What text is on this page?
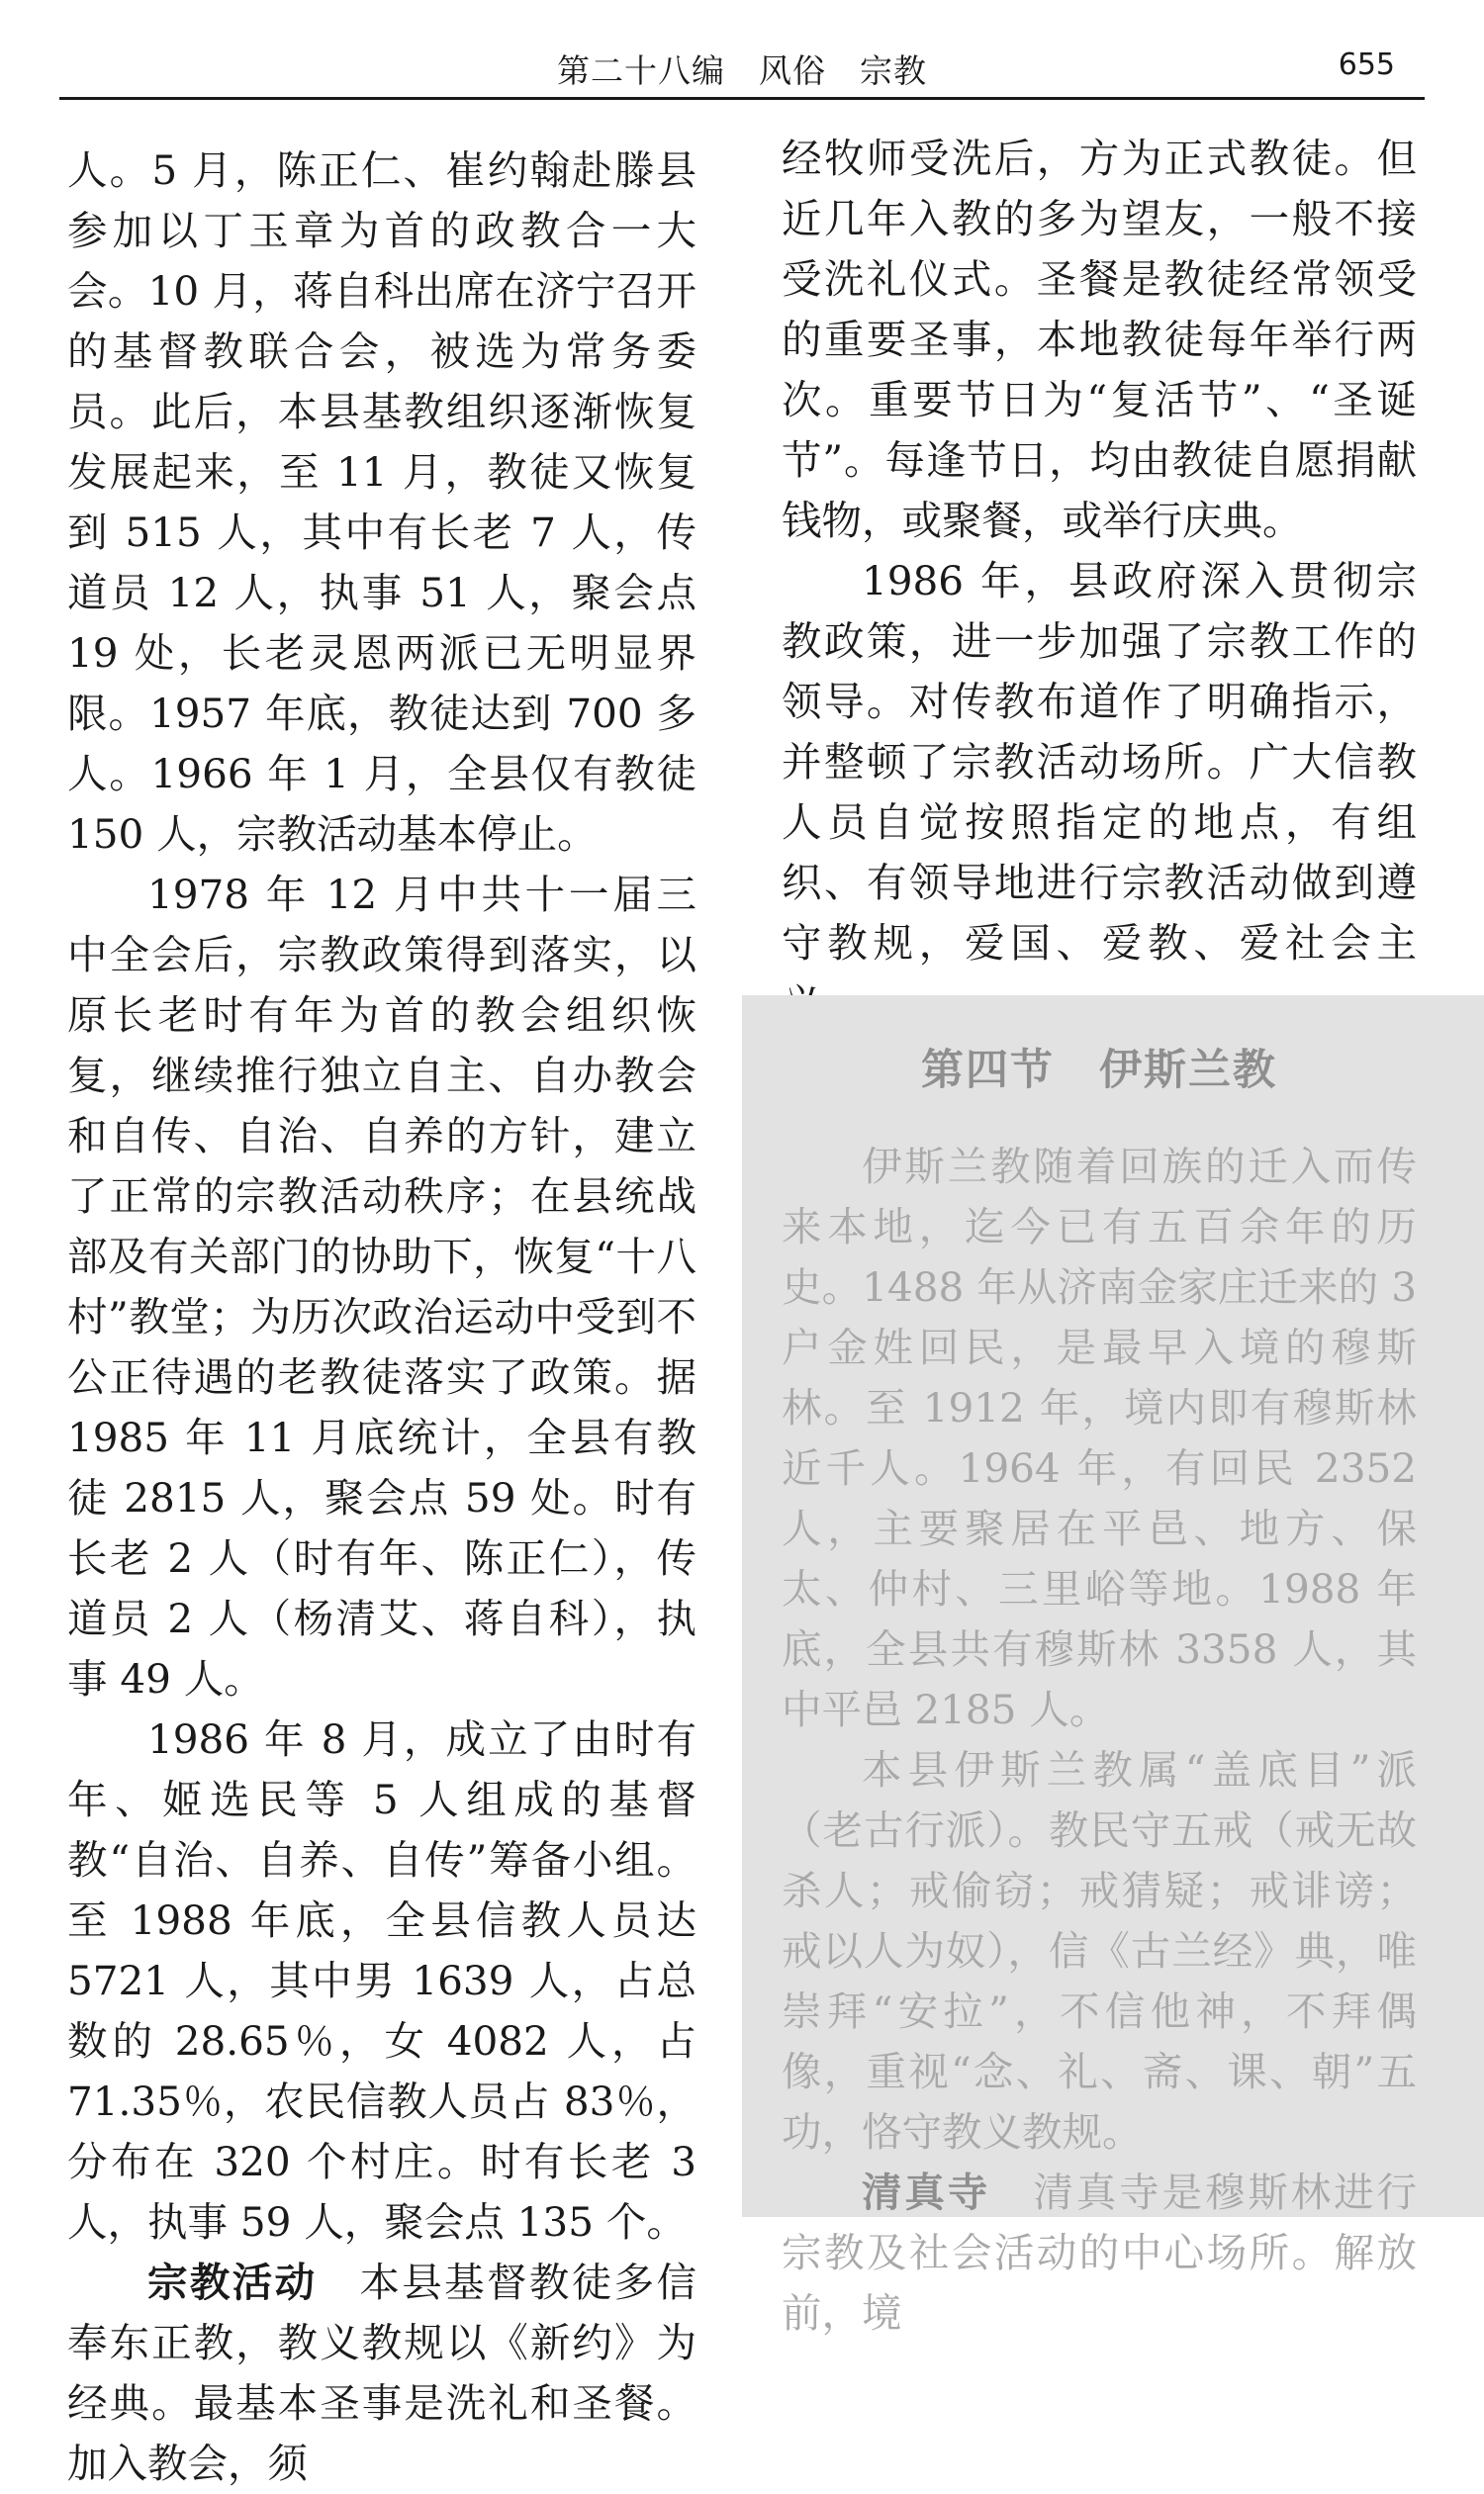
第二十八编　风俗　宗教	655

人。5 月，陈正仁、崔约翰赴滕县参加以丁玉章为首的政教合一大会。10 月，蒋自科出席在济宁召开的基督教联合会，被选为常务委员。此后，本县基教组织逐渐恢复发展起来，至 11 月，教徒又恢复到 515 人，其中有长老 7 人，传道员 12 人，执事 51 人，聚会点 19 处，长老灵恩两派已无明显界限。1957 年底，教徒达到 700 多人。1966 年 1 月，全县仅有教徒 150 人，宗教活动基本停止。

1978 年 12 月中共十一届三中全会后，宗教政策得到落实，以原长老时有年为首的教会组织恢复，继续推行独立自主、自办教会和自传、自治、自养的方针，建立了正常的宗教活动秩序；在县统战部及有关部门的协助下，恢复“十八村”教堂；为历次政治运动中受到不公正待遇的老教徒落实了政策。据 1985 年 11 月底统计，全县有教徒 2815 人，聚会点 59 处。时有长老 2 人（时有年、陈正仁），传道员 2 人（杨清艾、蒋自科），执事 49 人。

1986 年 8 月，成立了由时有年、姬选民等 5 人组成的基督教“自治、自养、自传”筹备小组。至 1988 年底，全县信教人员达 5721 人，其中男 1639 人，占总数的 28.65％，女 4082 人，占 71.35％，农民信教人员占 83％，分布在 320 个村庄。时有长老 3 人，执事 59 人，聚会点 135 个。

宗教活动　本县基督教徒多信奉东正教，教义教规以《新约》为经典。最基本圣事是洗礼和圣餐。加入教会，须

经牧师受洗后，方为正式教徒。但近几年入教的多为望友，一般不接受洗礼仪式。圣餐是教徒经常领受的重要圣事，本地教徒每年举行两次。重要节日为“复活节”、“圣诞节”。每逢节日，均由教徒自愿捐献钱物，或聚餐，或举行庆典。

1986 年，县政府深入贯彻宗教政策，进一步加强了宗教工作的领导。对传教布道作了明确指示，并整顿了宗教活动场所。广大信教人员自觉按照指定的地点，有组织、有领导地进行宗教活动做到遵守教规，爱国、爱教、爱社会主

第四节　伊斯兰教

伊斯兰教随着回族的迁入而传来本地，迄今已有五百余年的历史。1488 年从济南金家庄迁来的 3 户金姓回民，是最早入境的穆斯林。至 1912 年，境内即有穆斯林近千人。1964 年，有回民 2352 人，主要聚居在平邑、地方、保太、仲村、三里峪等地。1988 年底，全县共有穆斯林 3358 人，其中平邑 2185 人。

本县伊斯兰教属“盖底目”派（老古行派）。教民守五戒（戒无故杀人；戒偷窃；戒猜疑；戒诽谤；戒以人为奴），信《古兰经》典，唯崇拜“安拉”，不信他神，不拜偶像，重视“念、礼、斋、课、朝”五功，恪守教义教规。

清真寺　清真寺是穆斯林进行宗教及社会活动的中心场所。解放前，境
